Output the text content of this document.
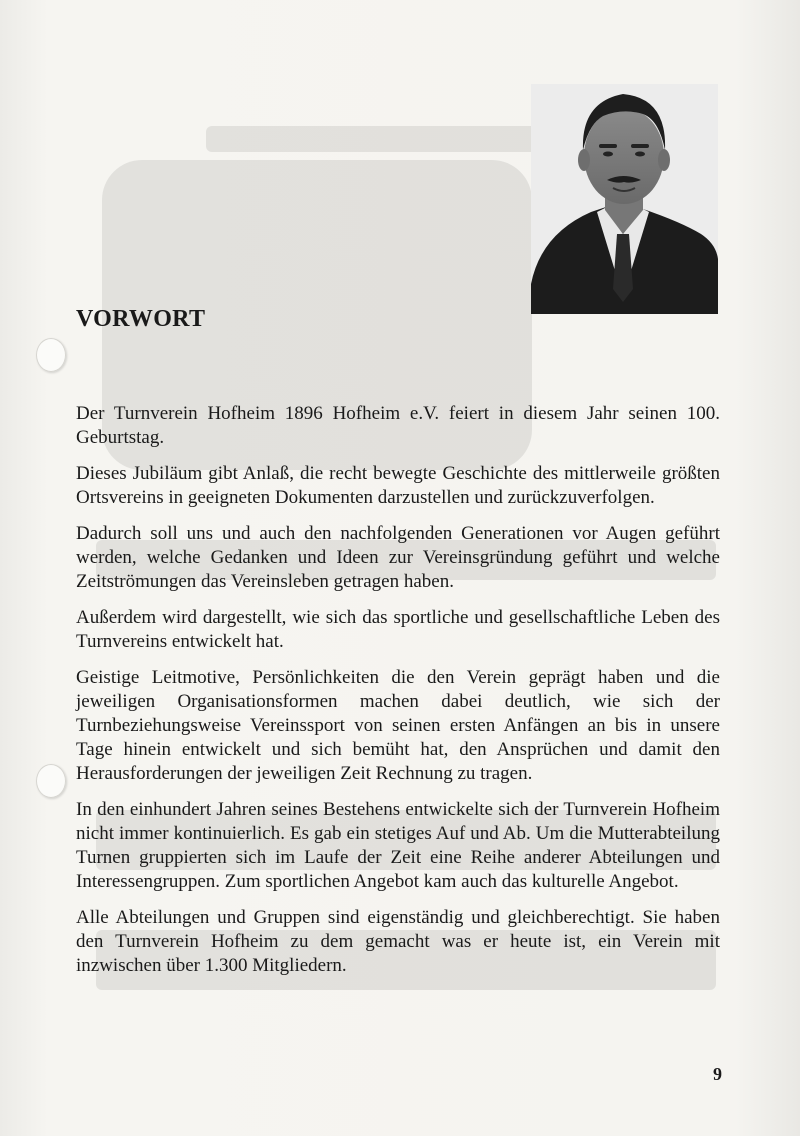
VORWORT

Der Turnverein Hofheim 1896 Hofheim e.V. feiert in diesem Jahr seinen 100. Geburtstag.

Dieses Jubiläum gibt Anlaß, die recht bewegte Geschichte des mittlerweile größten Ortsvereins in geeigneten Dokumenten darzustellen und zurückzuverfolgen.

Dadurch soll uns und auch den nachfolgenden Generationen vor Augen geführt werden, welche Gedanken und Ideen zur Vereinsgründung geführt und welche Zeitströmungen das Vereinsleben getragen haben.

Außerdem wird dargestellt, wie sich das sportliche und gesellschaftliche Leben des Turnvereins entwickelt hat.

Geistige Leitmotive, Persönlichkeiten die den Verein geprägt haben und die jeweiligen Organisationsformen machen dabei deutlich, wie sich der Turnbeziehungsweise Vereinssport von seinen ersten Anfängen an bis in unsere Tage hinein entwickelt und sich bemüht hat, den Ansprüchen und damit den Herausforderungen der jeweiligen Zeit Rechnung zu tragen.

In den einhundert Jahren seines Bestehens entwickelte sich der Turnverein Hofheim nicht immer kontinuierlich. Es gab ein stetiges Auf und Ab. Um die Mutterabteilung Turnen gruppierten sich im Laufe der Zeit eine Reihe anderer Abteilungen und Interessengruppen. Zum sportlichen Angebot kam auch das kulturelle Angebot.

Alle Abteilungen und Gruppen sind eigenständig und gleichberechtigt. Sie haben den Turnverein Hofheim zu dem gemacht was er heute ist, ein Verein mit inzwischen über 1.300 Mitgliedern.

9
